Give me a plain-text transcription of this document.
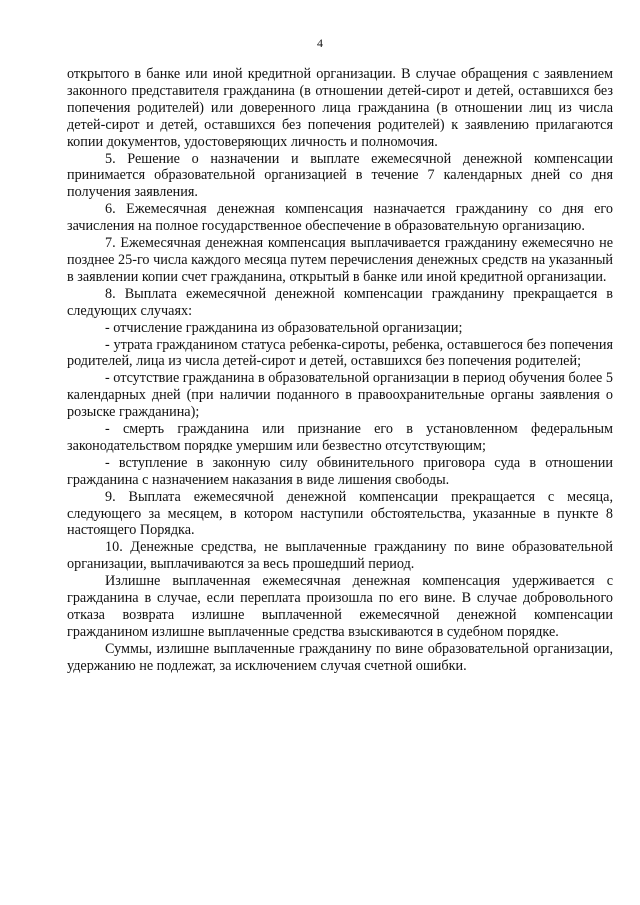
4

открытого в банке или иной кредитной организации. В случае обращения с заявлением законного представителя гражданина (в отношении детей-сирот и детей, оставшихся без попечения родителей) или доверенного лица гражданина (в отношении лиц из числа детей-сирот и детей, оставшихся без попечения родителей) к заявлению прилагаются копии документов, удостоверяющих личность и полномочия.

5. Решение о назначении и выплате ежемесячной денежной компенсации принимается образовательной организацией в течение 7 календарных дней со дня получения заявления.

6. Ежемесячная денежная компенсация назначается гражданину со дня его зачисления на полное государственное обеспечение в образовательную организацию.

7. Ежемесячная денежная компенсация выплачивается гражданину ежемесячно не позднее 25-го числа каждого месяца путем перечисления денежных средств на указанный в заявлении копии счет гражданина, открытый в банке или иной кредитной организации.

8. Выплата ежемесячной денежной компенсации гражданину прекращается в следующих случаях:

- отчисление гражданина из образовательной организации;

- утрата гражданином статуса ребенка-сироты, ребенка, оставшегося без попечения родителей, лица из числа детей-сирот и детей, оставшихся без попечения родителей;

- отсутствие гражданина в образовательной организации в период обучения более 5 календарных дней (при наличии поданного в правоохранительные органы заявления о розыске гражданина);

- смерть гражданина или признание его в установленном федеральным законодательством порядке умершим или безвестно отсутствующим;

- вступление в законную силу обвинительного приговора суда в отношении гражданина с назначением наказания в виде лишения свободы.

9. Выплата ежемесячной денежной компенсации прекращается с месяца, следующего за месяцем, в котором наступили обстоятельства, указанные в пункте 8 настоящего Порядка.

10. Денежные средства, не выплаченные гражданину по вине образовательной организации, выплачиваются за весь прошедший период.

Излишне выплаченная ежемесячная денежная компенсация удерживается с гражданина в случае, если переплата произошла по его вине. В случае добровольного отказа возврата излишне выплаченной ежемесячной денежной компенсации гражданином излишне выплаченные средства взыскиваются в судебном порядке.

Суммы, излишне выплаченные гражданину по вине образовательной организации, удержанию не подлежат, за исключением случая счетной ошибки.
